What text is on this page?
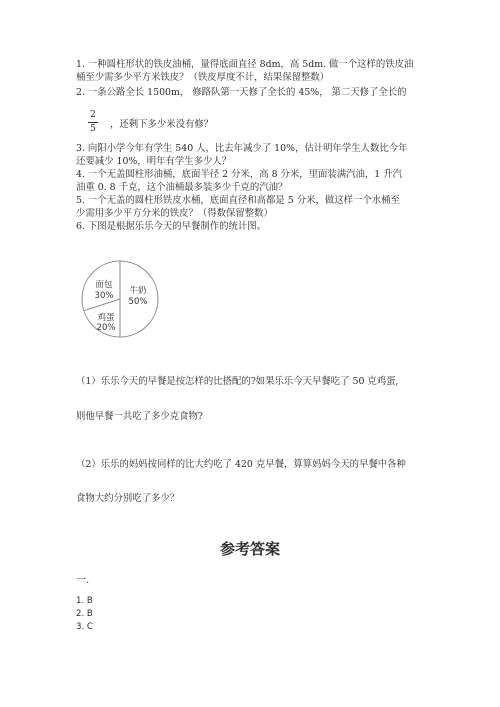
1. 一种圆柱形状的铁皮油桶，量得底面直径 8dm，高 5dm. 做一个这样的铁皮油
桶至少需多少平方米铁皮？（铁皮厚度不计，结果保留整数）
2. 一条公路全长 1500m， 修路队第一天修了全长的 45%， 第二天修了全长的
2
5 ，还剩下多少米没有修？
3. 向阳小学今年有学生 540 人，比去年减少了 10%，估计明年学生人数比今年
还要减少 10%，明年有学生多少人？
4. 一个无盖圆柱形油桶，底面半径 2 分米，高 8 分米，里面装满汽油，1 升汽
油重 0. 8 千克，这个油桶最多装多少千克的汽油？
5. 一个无盖的圆柱形铁皮水桶，底面直径和高都是 5 分米，做这样一个水桶至
少需用多少平方分米的铁皮？（得数保留整数）
6. 下图是根据乐乐今天的早餐制作的统计图。
牛奶
50%
鸡蛋
20%
面包
30%
（1）乐乐今天的早餐是按怎样的比搭配的?如果乐乐今天早餐吃了 50 克鸡蛋,
则他早餐一共吃了多少克食物?
（2）乐乐的妈妈按同样的比大约吃了 420 克早餐，算算妈妈今天的早餐中各种
食物大约分别吃了多少？
参考答案
一.
1. B
2. B
3. C
